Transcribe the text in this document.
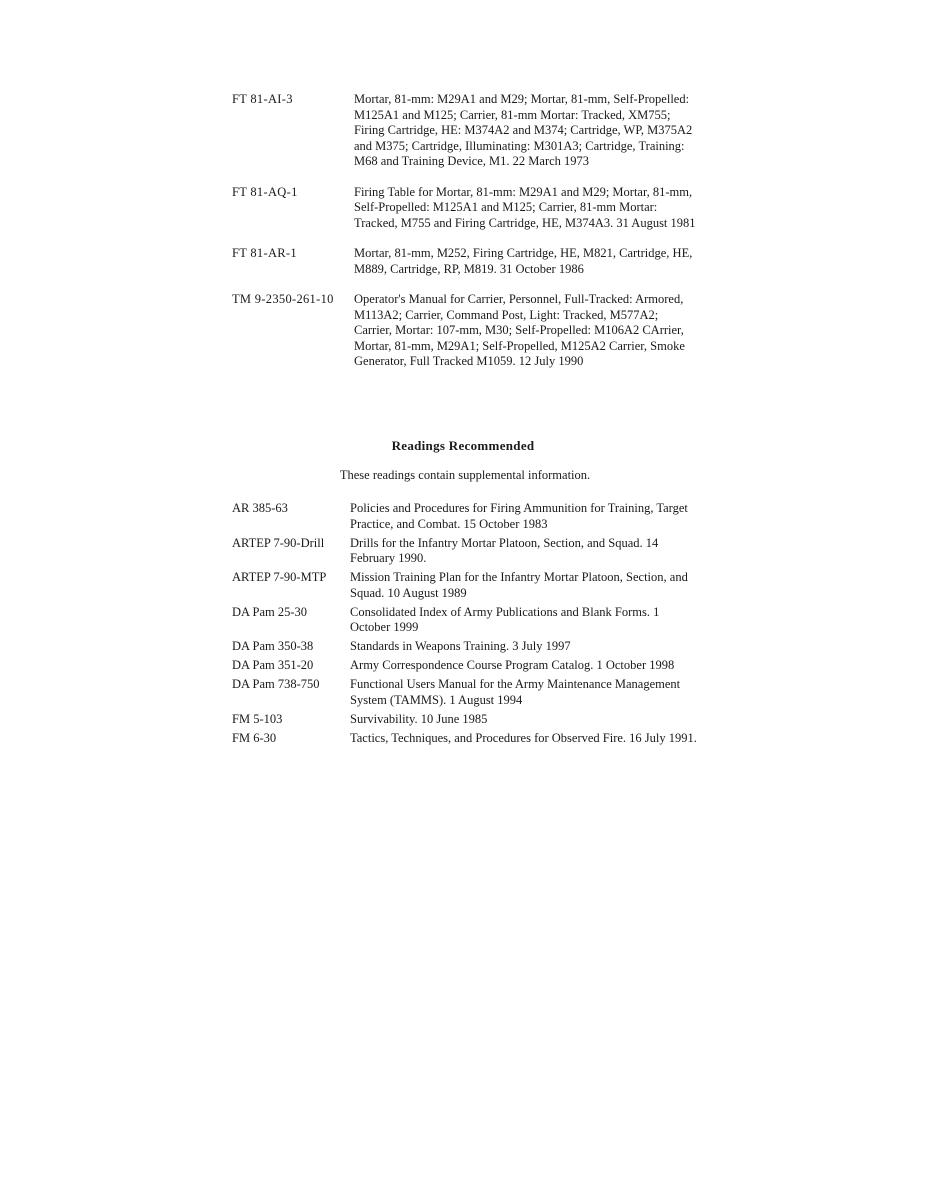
FT 81-AI-3	Mortar, 81-mm: M29A1 and M29; Mortar, 81-mm, Self-Propelled: M125A1 and M125; Carrier, 81-mm Mortar: Tracked, XM755; Firing Cartridge, HE: M374A2 and M374; Cartridge, WP, M375A2 and M375; Cartridge, Illuminating: M301A3; Cartridge, Training: M68 and Training Device, M1. 22 March 1973
FT 81-AQ-1	Firing Table for Mortar, 81-mm: M29A1 and M29; Mortar, 81-mm, Self-Propelled: M125A1 and M125; Carrier, 81-mm Mortar: Tracked, M755 and Firing Cartridge, HE, M374A3. 31 August 1981
FT 81-AR-1	Mortar, 81-mm, M252, Firing Cartridge, HE, M821, Cartridge, HE, M889, Cartridge, RP, M819. 31 October 1986
TM 9-2350-261-10	Operator's Manual for Carrier, Personnel, Full-Tracked: Armored, M113A2; Carrier, Command Post, Light: Tracked, M577A2; Carrier, Mortar: 107-mm, M30; Self-Propelled: M106A2 CArrier, Mortar, 81-mm, M29A1; Self-Propelled, M125A2 Carrier, Smoke Generator, Full Tracked M1059. 12 July 1990
Readings Recommended
These readings contain supplemental information.
AR 385-63	Policies and Procedures for Firing Ammunition for Training, Target Practice, and Combat. 15 October 1983
ARTEP 7-90-Drill	Drills for the Infantry Mortar Platoon, Section, and Squad. 14 February 1990.
ARTEP 7-90-MTP	Mission Training Plan for the Infantry Mortar Platoon, Section, and Squad. 10 August 1989
DA Pam 25-30	Consolidated Index of Army Publications and Blank Forms. 1 October 1999
DA Pam 350-38	Standards in Weapons Training. 3 July 1997
DA Pam 351-20	Army Correspondence Course Program Catalog. 1 October 1998
DA Pam 738-750	Functional Users Manual for the Army Maintenance Management System (TAMMS). 1 August 1994
FM 5-103	Survivability. 10 June 1985
FM 6-30	Tactics, Techniques, and Procedures for Observed Fire. 16 July 1991.
